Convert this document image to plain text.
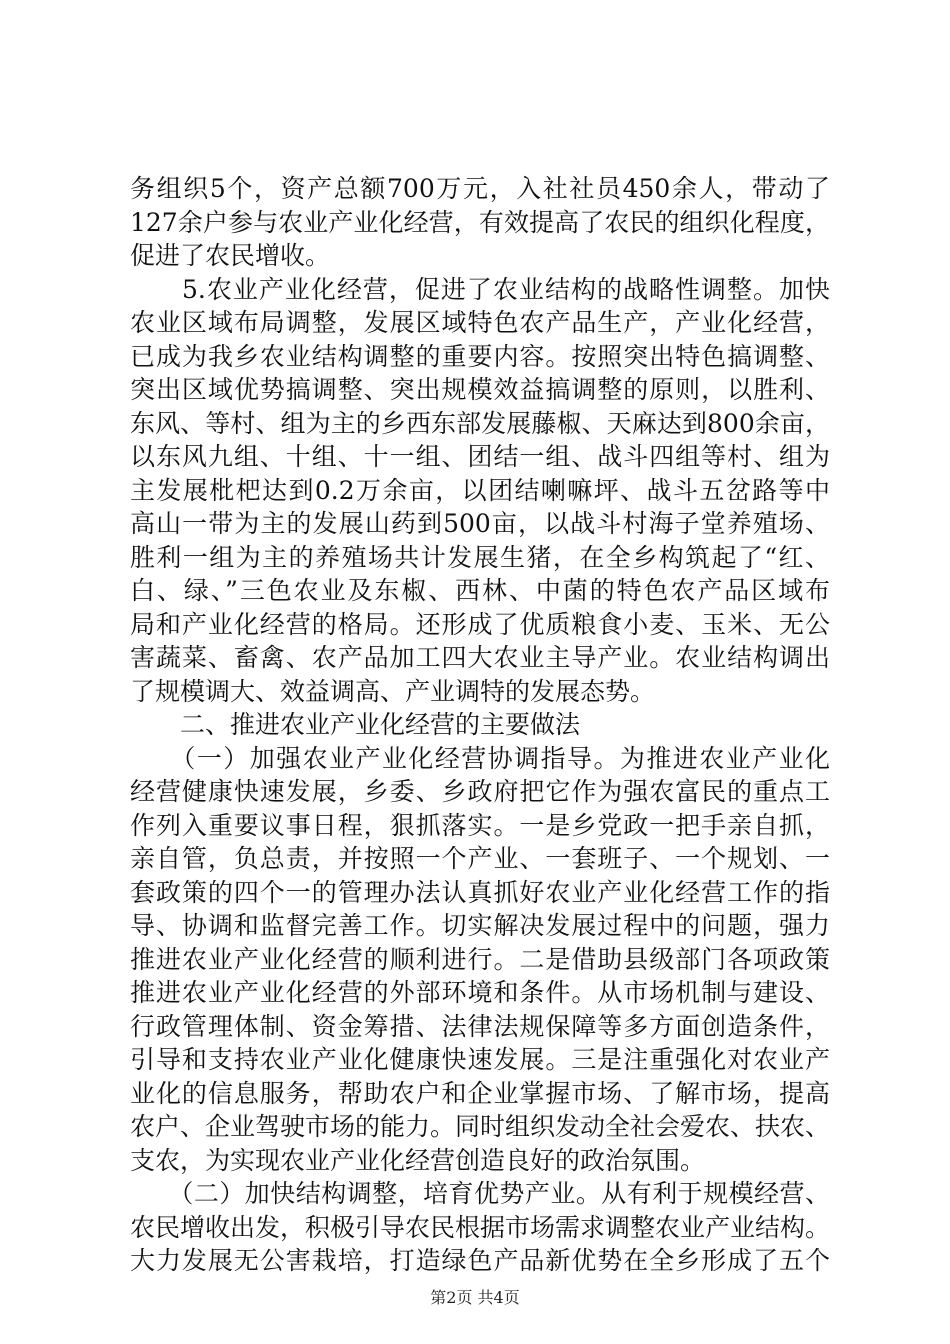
务组织5个，资产总额700万元，入社社员450余人，带动了
127余户参与农业产业化经营，有效提高了农民的组织化程度，
促进了农民增收。
　　5.农业产业化经营，促进了农业结构的战略性调整。加快
农业区域布局调整，发展区域特色农产品生产，产业化经营，
已成为我乡农业结构调整的重要内容。按照突出特色搞调整、
突出区域优势搞调整、突出规模效益搞调整的原则，以胜利、
东风、等村、组为主的乡西东部发展藤椒、天麻达到800余亩，
以东风九组、十组、十一组、团结一组、战斗四组等村、组为
主发展枇杷达到0.2万余亩，以团结喇嘛坪、战斗五岔路等中
高山一带为主的发展山药到500亩，以战斗村海子堂养殖场、
胜利一组为主的养殖场共计发展生猪，在全乡构筑起了“红、
白、绿、”三色农业及东椒、西林、中菌的特色农产品区域布
局和产业化经营的格局。还形成了优质粮食小麦、玉米、无公
害蔬菜、畜禽、农产品加工四大农业主导产业。农业结构调出
了规模调大、效益调高、产业调特的发展态势。
　　二、推进农业产业化经营的主要做法
　　（一）加强农业产业化经营协调指导。为推进农业产业化
经营健康快速发展，乡委、乡政府把它作为强农富民的重点工
作列入重要议事日程，狠抓落实。一是乡党政一把手亲自抓，
亲自管，负总责，并按照一个产业、一套班子、一个规划、一
套政策的四个一的管理办法认真抓好农业产业化经营工作的指
导、协调和监督完善工作。切实解决发展过程中的问题，强力
推进农业产业化经营的顺利进行。二是借助县级部门各项政策
推进农业产业化经营的外部环境和条件。从市场机制与建设、
行政管理体制、资金筹措、法律法规保障等多方面创造条件，
引导和支持农业产业化健康快速发展。三是注重强化对农业产
业化的信息服务，帮助农户和企业掌握市场、了解市场，提高
农户、企业驾驶市场的能力。同时组织发动全社会爱农、扶农、
支农，为实现农业产业化经营创造良好的政治氛围。
　　（二）加快结构调整，培育优势产业。从有利于规模经营、
农民增收出发，积极引导农民根据市场需求调整农业产业结构。
大力发展无公害栽培，打造绿色产品新优势在全乡形成了五个
第2页 共4页
